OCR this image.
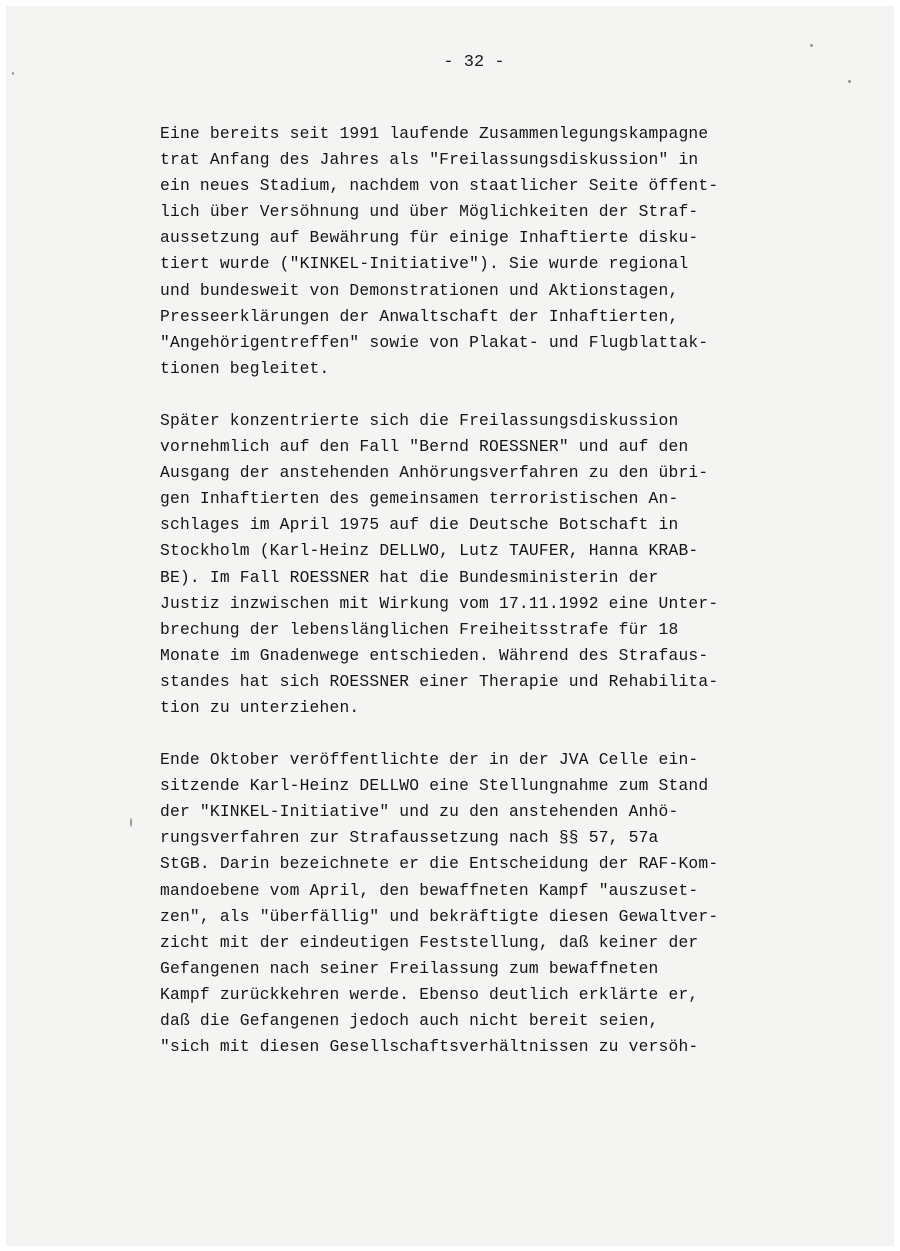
- 32 -

Eine bereits seit 1991 laufende Zusammenlegungskampagne
trat Anfang des Jahres als "Freilassungsdiskussion" in
ein neues Stadium, nachdem von staatlicher Seite öffent-
lich über Versöhnung und über Möglichkeiten der Straf-
aussetzung auf Bewährung für einige Inhaftierte disku-
tiert wurde ("KINKEL-Initiative"). Sie wurde regional
und bundesweit von Demonstrationen und Aktionstagen,
Presseerklärungen der Anwaltschaft der Inhaftierten,
"Angehörigentreffen" sowie von Plakat- und Flugblattak-
tionen begleitet.

Später konzentrierte sich die Freilassungsdiskussion
vornehmlich auf den Fall "Bernd ROESSNER" und auf den
Ausgang der anstehenden Anhörungsverfahren zu den übri-
gen Inhaftierten des gemeinsamen terroristischen An-
schlages im April 1975 auf die Deutsche Botschaft in
Stockholm (Karl-Heinz DELLWO, Lutz TAUFER, Hanna KRAB-
BE). Im Fall ROESSNER hat die Bundesministerin der
Justiz inzwischen mit Wirkung vom 17.11.1992 eine Unter-
brechung der lebenslänglichen Freiheitsstrafe für 18
Monate im Gnadenwege entschieden. Während des Strafaus-
standes hat sich ROESSNER einer Therapie und Rehabilita-
tion zu unterziehen.

Ende Oktober veröffentlichte der in der JVA Celle ein-
sitzende Karl-Heinz DELLWO eine Stellungnahme zum Stand
der "KINKEL-Initiative" und zu den anstehenden Anhö-
rungsverfahren zur Strafaussetzung nach §§ 57, 57a
StGB. Darin bezeichnete er die Entscheidung der RAF-Kom-
mandoebene vom April, den bewaffneten Kampf "auszuset-
zen", als "überfällig" und bekräftigte diesen Gewaltver-
zicht mit der eindeutigen Feststellung, daß keiner der
Gefangenen nach seiner Freilassung zum bewaffneten
Kampf zurückkehren werde. Ebenso deutlich erklärte er,
daß die Gefangenen jedoch auch nicht bereit seien,
"sich mit diesen Gesellschaftsverhältnissen zu versöh-
